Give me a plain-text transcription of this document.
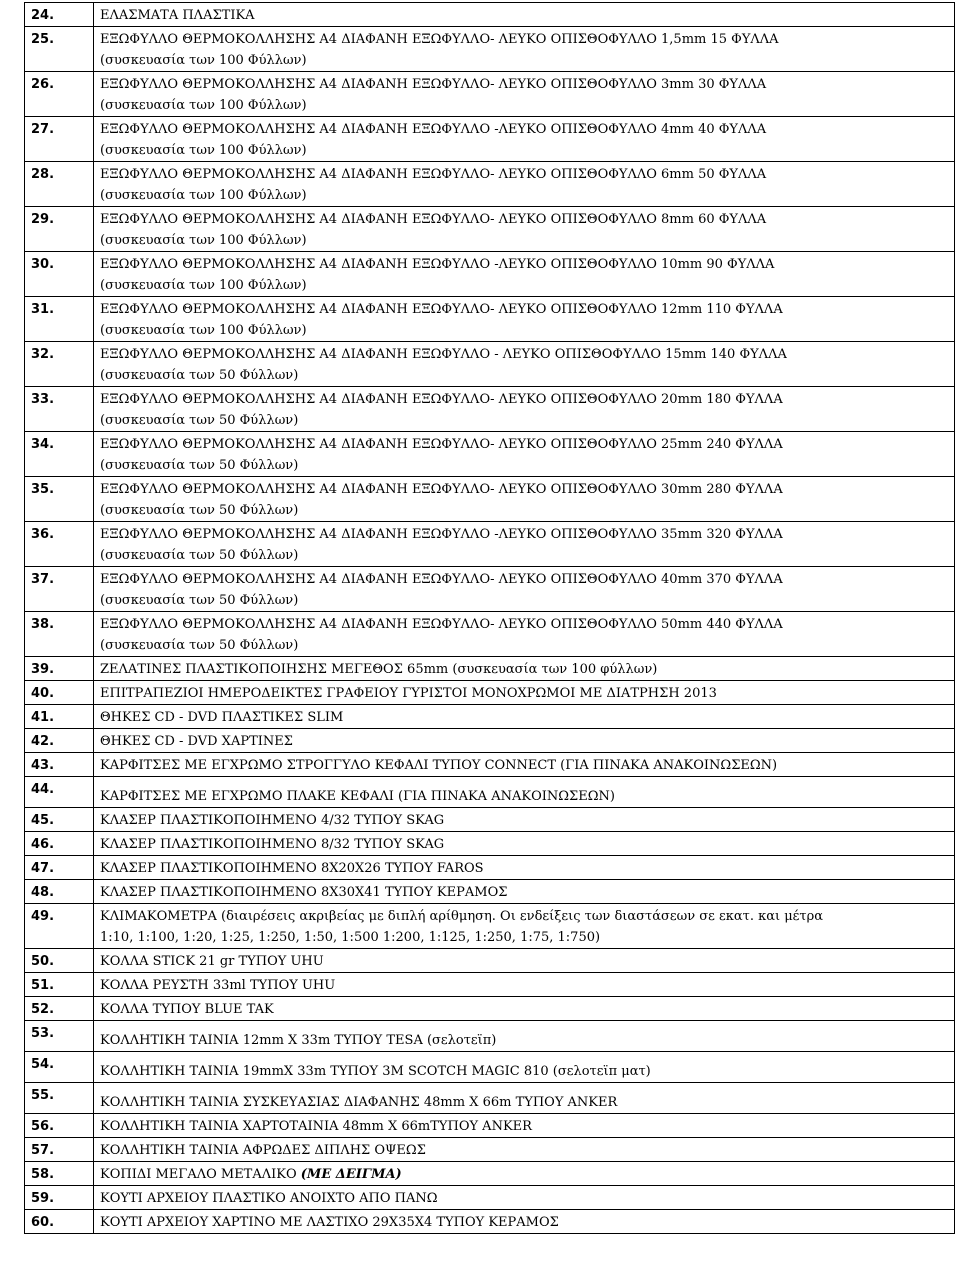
24.	ΕΛΑΣΜΑΤΑ ΠΛΑΣΤΙΚΑ

25.	ΕΞΩΦΥΛΛΟ ΘΕΡΜΟΚΟΛΛΗΣΗΣ Α4 ΔΙΑΦΑΝΗ ΕΞΩΦΥΛΛΟ- ΛΕΥΚΟ ΟΠΙΣΘΟΦΥΛΛΟ 1,5mm 15 ΦΥΛΛΑ
(συσκευασία των 100 Φύλλων)

26.	ΕΞΩΦΥΛΛΟ ΘΕΡΜΟΚΟΛΛΗΣΗΣ Α4 ΔΙΑΦΑΝΗ ΕΞΩΦΥΛΛΟ- ΛΕΥΚΟ ΟΠΙΣΘΟΦΥΛΛΟ 3mm 30 ΦΥΛΛΑ
(συσκευασία των 100 Φύλλων)

27.	ΕΞΩΦΥΛΛΟ ΘΕΡΜΟΚΟΛΛΗΣΗΣ Α4 ΔΙΑΦΑΝΗ ΕΞΩΦΥΛΛΟ -ΛΕΥΚΟ ΟΠΙΣΘΟΦΥΛΛΟ 4mm 40 ΦΥΛΛΑ
(συσκευασία των 100 Φύλλων)

28.	ΕΞΩΦΥΛΛΟ ΘΕΡΜΟΚΟΛΛΗΣΗΣ Α4 ΔΙΑΦΑΝΗ ΕΞΩΦΥΛΛΟ- ΛΕΥΚΟ ΟΠΙΣΘΟΦΥΛΛΟ 6mm 50 ΦΥΛΛΑ
(συσκευασία των 100 Φύλλων)

29.	ΕΞΩΦΥΛΛΟ ΘΕΡΜΟΚΟΛΛΗΣΗΣ Α4 ΔΙΑΦΑΝΗ ΕΞΩΦΥΛΛΟ- ΛΕΥΚΟ ΟΠΙΣΘΟΦΥΛΛΟ 8mm 60 ΦΥΛΛΑ
(συσκευασία των 100 Φύλλων)

30.	ΕΞΩΦΥΛΛΟ ΘΕΡΜΟΚΟΛΛΗΣΗΣ Α4 ΔΙΑΦΑΝΗ ΕΞΩΦΥΛΛΟ -ΛΕΥΚΟ ΟΠΙΣΘΟΦΥΛΛΟ 10mm 90 ΦΥΛΛΑ
(συσκευασία των 100 Φύλλων)

31.	ΕΞΩΦΥΛΛΟ ΘΕΡΜΟΚΟΛΛΗΣΗΣ Α4 ΔΙΑΦΑΝΗ ΕΞΩΦΥΛΛΟ- ΛΕΥΚΟ ΟΠΙΣΘΟΦΥΛΛΟ 12mm 110 ΦΥΛΛΑ
(συσκευασία των 100 Φύλλων)

32.	ΕΞΩΦΥΛΛΟ ΘΕΡΜΟΚΟΛΛΗΣΗΣ Α4 ΔΙΑΦΑΝΗ ΕΞΩΦΥΛΛΟ - ΛΕΥΚΟ ΟΠΙΣΘΟΦΥΛΛΟ 15mm 140 ΦΥΛΛΑ
(συσκευασία των 50 Φύλλων)

33.	ΕΞΩΦΥΛΛΟ ΘΕΡΜΟΚΟΛΛΗΣΗΣ Α4 ΔΙΑΦΑΝΗ ΕΞΩΦΥΛΛΟ- ΛΕΥΚΟ ΟΠΙΣΘΟΦΥΛΛΟ 20mm 180 ΦΥΛΛΑ
(συσκευασία των 50 Φύλλων)

34.	ΕΞΩΦΥΛΛΟ ΘΕΡΜΟΚΟΛΛΗΣΗΣ Α4 ΔΙΑΦΑΝΗ ΕΞΩΦΥΛΛΟ- ΛΕΥΚΟ ΟΠΙΣΘΟΦΥΛΛΟ 25mm 240 ΦΥΛΛΑ
(συσκευασία των 50 Φύλλων)

35.	ΕΞΩΦΥΛΛΟ ΘΕΡΜΟΚΟΛΛΗΣΗΣ Α4 ΔΙΑΦΑΝΗ ΕΞΩΦΥΛΛΟ- ΛΕΥΚΟ ΟΠΙΣΘΟΦΥΛΛΟ 30mm 280 ΦΥΛΛΑ
(συσκευασία των 50 Φύλλων)

36.	ΕΞΩΦΥΛΛΟ ΘΕΡΜΟΚΟΛΛΗΣΗΣ Α4 ΔΙΑΦΑΝΗ ΕΞΩΦΥΛΛΟ -ΛΕΥΚΟ ΟΠΙΣΘΟΦΥΛΛΟ 35mm 320 ΦΥΛΛΑ
(συσκευασία των 50 Φύλλων)

37.	ΕΞΩΦΥΛΛΟ ΘΕΡΜΟΚΟΛΛΗΣΗΣ Α4 ΔΙΑΦΑΝΗ ΕΞΩΦΥΛΛΟ- ΛΕΥΚΟ ΟΠΙΣΘΟΦΥΛΛΟ 40mm 370 ΦΥΛΛΑ
(συσκευασία των 50 Φύλλων)

38.	ΕΞΩΦΥΛΛΟ ΘΕΡΜΟΚΟΛΛΗΣΗΣ Α4 ΔΙΑΦΑΝΗ ΕΞΩΦΥΛΛΟ- ΛΕΥΚΟ ΟΠΙΣΘΟΦΥΛΛΟ 50mm 440 ΦΥΛΛΑ
(συσκευασία των 50 Φύλλων)

39.	ΖΕΛΑΤΙΝΕΣ ΠΛΑΣΤΙΚΟΠΟΙΗΣΗΣ ΜΕΓΕΘΟΣ 65mm (συσκευασία των 100 φύλλων)

40.	ΕΠΙΤΡΑΠΕΖΙΟΙ ΗΜΕΡΟΔΕΙΚΤΕΣ ΓΡΑΦΕΙΟΥ ΓΥΡΙΣΤΟΙ ΜΟΝΟΧΡΩΜΟΙ ΜΕ ΔΙΑΤΡΗΣΗ 2013

41.	ΘΗΚΕΣ CD - DVD ΠΛΑΣΤΙΚΕΣ SLIM

42.	ΘΗΚΕΣ CD - DVD ΧΑΡΤΙΝΕΣ

43.	ΚΑΡΦΙΤΣΕΣ ΜΕ ΕΓΧΡΩΜΟ ΣΤΡΟΓΓΥΛΟ ΚΕΦΑΛΙ ΤΥΠΟΥ CONNECT (ΓΙΑ ΠΙΝΑΚΑ ΑΝΑΚΟΙΝΩΣΕΩΝ)

44.	ΚΑΡΦΙΤΣΕΣ ΜΕ ΕΓΧΡΩΜΟ ΠΛΑΚΕ ΚΕΦΑΛΙ (ΓΙΑ ΠΙΝΑΚΑ ΑΝΑΚΟΙΝΩΣΕΩΝ)

45.	ΚΛΑΣΕΡ ΠΛΑΣΤΙΚΟΠΟΙΗΜΕΝΟ 4/32 ΤΥΠΟΥ SKAG

46.	ΚΛΑΣΕΡ ΠΛΑΣΤΙΚΟΠΟΙΗΜΕΝΟ 8/32 ΤΥΠΟΥ SKAG

47.	ΚΛΑΣΕΡ ΠΛΑΣΤΙΚΟΠΟΙΗΜΕΝΟ 8Χ20Χ26 ΤΥΠΟΥ FAROS

48.	ΚΛΑΣΕΡ ΠΛΑΣΤΙΚΟΠΟΙΗΜΕΝΟ 8Χ30Χ41 ΤΥΠΟΥ ΚΕΡΑΜΟΣ

49.	ΚΛΙΜΑΚΟΜΕΤΡΑ (διαιρέσεις ακριβείας με διπλή αρίθμηση. Οι ενδείξεις των διαστάσεων σε εκατ. και μέτρα
1:10, 1:100, 1:20, 1:25, 1:250, 1:50, 1:500 1:200, 1:125, 1:250, 1:75, 1:750)

50.	ΚΟΛΛΑ STICK 21 gr ΤΥΠΟΥ UHU

51.	ΚΟΛΛΑ ΡΕΥΣΤΗ 33ml ΤΥΠΟΥ UHU

52.	ΚΟΛΛΑ ΤΥΠΟΥ BLUE TAK

53.	ΚΟΛΛΗΤΙΚΗ ΤΑΙΝΙΑ 12mm X 33m ΤΥΠΟΥ TESA (σελοτεϊπ)

54.	ΚΟΛΛΗΤΙΚΗ ΤΑΙΝΙΑ 19mmX 33m ΤΥΠΟΥ 3M SCOTCH MAGIC 810 (σελοτεϊπ ματ)

55.	ΚΟΛΛΗΤΙΚΗ ΤΑΙΝΙΑ ΣΥΣΚΕΥΑΣΙΑΣ ΔΙΑΦΑΝΗΣ 48mm X 66m ΤΥΠΟΥ ANKER

56.	ΚΟΛΛΗΤΙΚΗ ΤΑΙΝΙΑ ΧΑΡΤΟΤΑΙΝΙΑ 48mm X 66mΤΥΠΟΥ ANKER

57.	ΚΟΛΛΗΤΙΚΗ ΤΑΙΝΙΑ ΑΦΡΩΔΕΣ ΔΙΠΛΗΣ ΟΨΕΩΣ

58.	ΚΟΠΙΔΙ ΜΕΓΑΛΟ ΜΕΤΑΛΙΚΟ (ΜΕ ΔΕΙΓΜΑ)
59.	ΚΟΥΤΙ ΑΡΧΕΙΟΥ ΠΛΑΣΤΙΚΟ ΑΝΟΙΧΤΟ ΑΠΟ ΠΑΝΩ

60.	ΚΟΥΤΙ ΑΡΧΕΙΟΥ ΧΑΡΤΙΝΟ ΜΕ ΛΑΣΤΙΧΟ 29Χ35Χ4 ΤΥΠΟΥ ΚΕΡΑΜΟΣ
